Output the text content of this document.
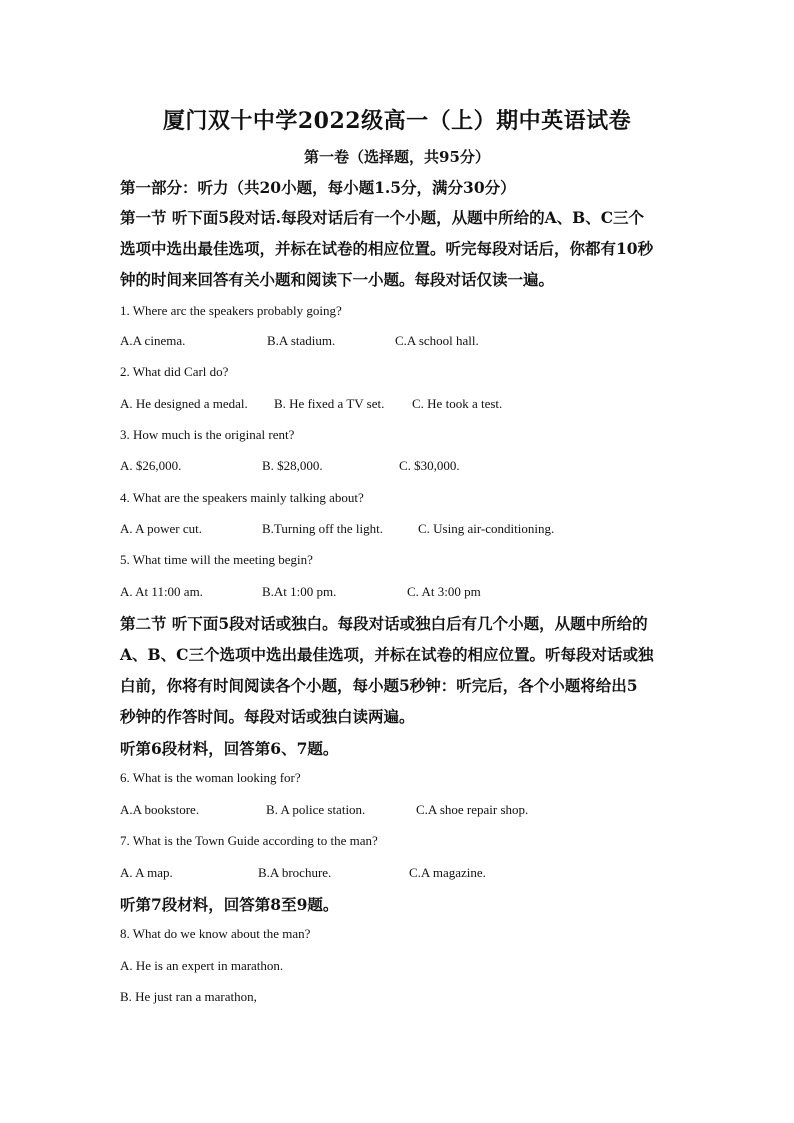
厦门双十中学2022级高一（上）期中英语试卷
第一卷（选择题，共95分）
第一部分：听力（共20小题，每小题1.5分，满分30分）
第一节 听下面5段对话.每段对话后有一个小题，从题中所给的A、B、C三个
选项中选出最佳选项，并标在试卷的相应位置。听完每段对话后，你都有10秒
钟的时间来回答有关小题和阅读下一小题。每段对话仅读一遍。
1. Where arc the speakers probably going?
A.A cinema.	B.A stadium.	C.A school hall.
2. What did Carl do?
A. He designed a medal. B. He fixed a TV set. C. He took a test.
3. How much is the original rent?
A. $26,000.	B. $28,000.	C. $30,000.
4. What are the speakers mainly talking about?
A. A power cut.	B.Turning off the light.	C. Using air-conditioning.
5. What time will the meeting begin?
A. At 11:00 am.	B.At 1:00 pm.	C. At 3:00 pm
第二节 听下面5段对话或独白。每段对话或独白后有几个小题，从题中所给的
A、B、C三个选项中选出最佳选项，并标在试卷的相应位置。听每段对话或独
白前，你将有时间阅读各个小题，每小题5秒钟：听完后，各个小题将给出5
秒钟的作答时间。每段对话或独白读两遍。
听第6段材料，回答第6、7题。
6. What is the woman looking for?
A.A bookstore.	B. A police station.	C.A shoe repair shop.
7. What is the Town Guide according to the man?
A. A map.	B.A brochure.	C.A magazine.
听第7段材料，回答第8至9题。
8. What do we know about the man?
A. He is an expert in marathon.
B. He just ran a marathon,
